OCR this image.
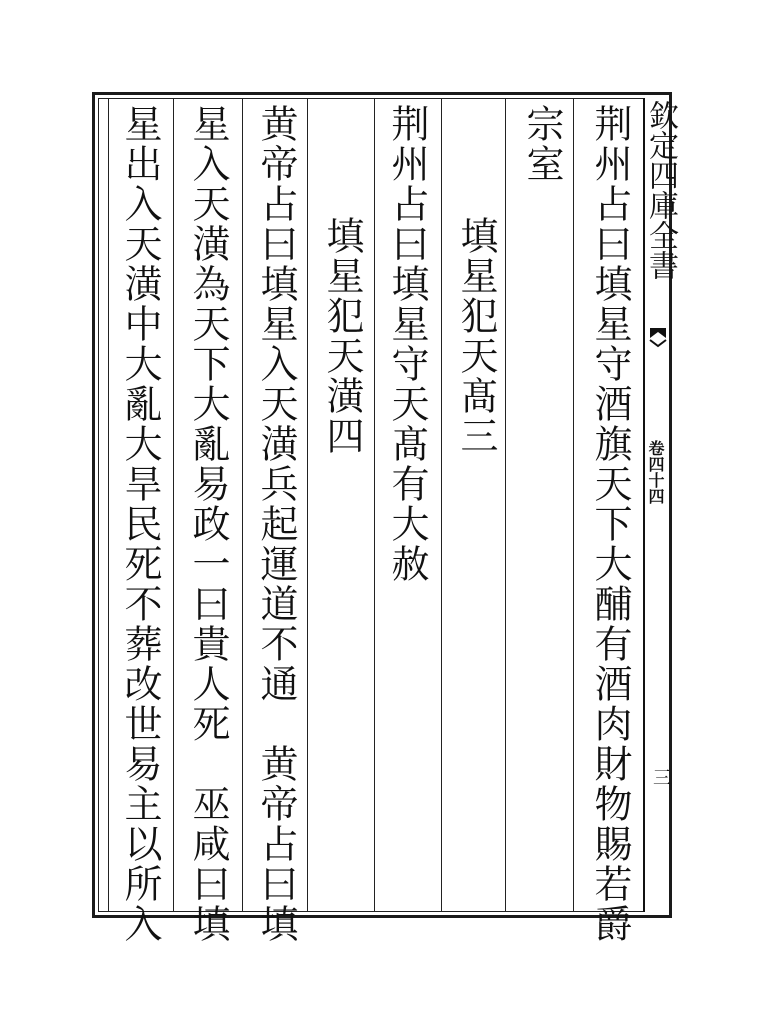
欽定四庫全書
卷四十四
三
荆州占曰填星守酒旗天下大酺有酒肉財物賜若爵
宗室
填星犯天髙三
荆州占曰填星守天髙有大赦
填星犯天潢四
黄帝占曰填星入天潢兵起運道不通　黄帝占曰填
星入天潢為天下大亂易政一曰貴人死　巫咸曰填
星出入天潢中大亂大旱民死不葬改世易主以所入
